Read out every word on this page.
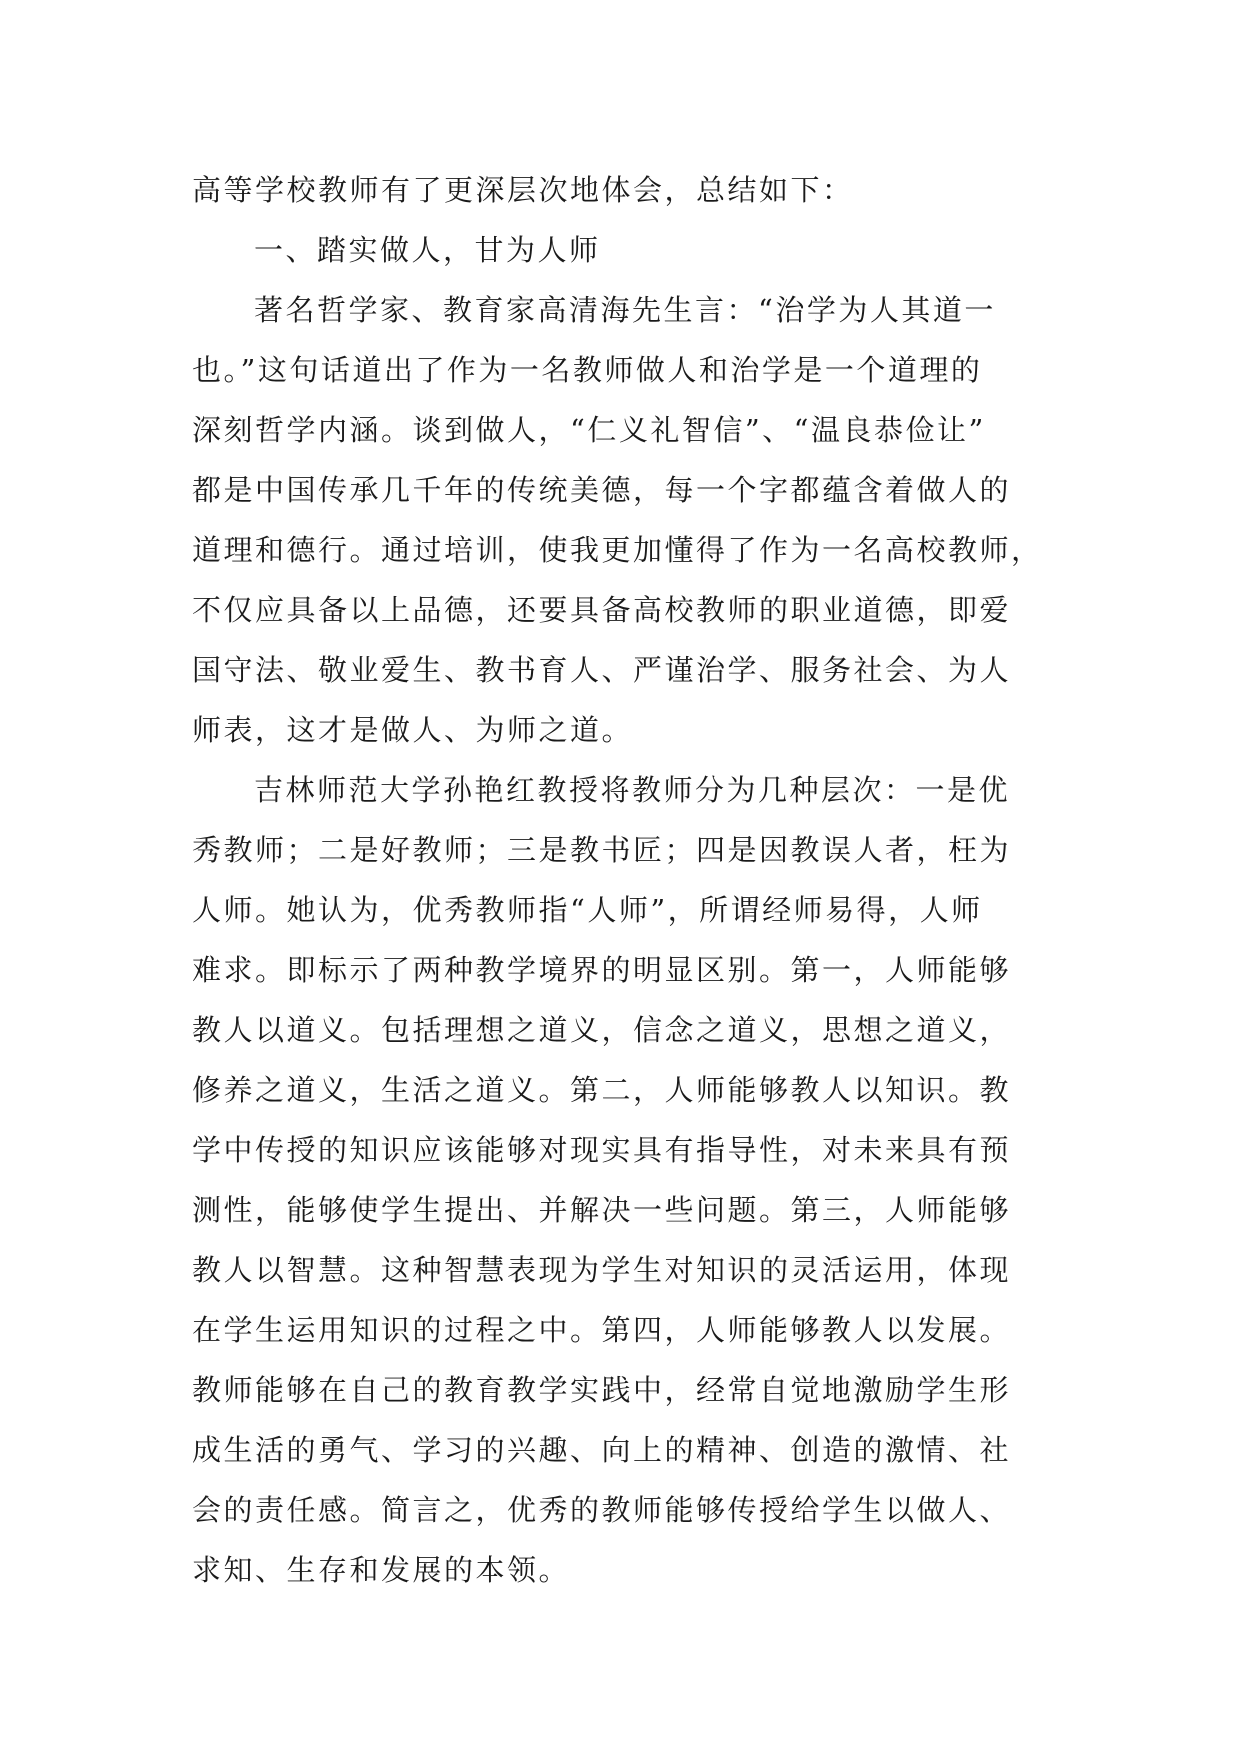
高等学校教师有了更深层次地体会，总结如下：
一、踏实做人，甘为人师
著名哲学家、教育家高清海先生言：“治学为人其道一
也。”这句话道出了作为一名教师做人和治学是一个道理的
深刻哲学内涵。谈到做人，“仁义礼智信”、“温良恭俭让”
都是中国传承几千年的传统美德，每一个字都蕴含着做人的
道理和德行。通过培训，使我更加懂得了作为一名高校教师，
不仅应具备以上品德，还要具备高校教师的职业道德，即爱
国守法、敬业爱生、教书育人、严谨治学、服务社会、为人
师表，这才是做人、为师之道。
吉林师范大学孙艳红教授将教师分为几种层次：一是优
秀教师；二是好教师；三是教书匠；四是因教误人者，枉为
人师。她认为，优秀教师指“人师”，所谓经师易得，人师
难求。即标示了两种教学境界的明显区别。第一，人师能够
教人以道义。包括理想之道义，信念之道义，思想之道义，
修养之道义，生活之道义。第二，人师能够教人以知识。教
学中传授的知识应该能够对现实具有指导性，对未来具有预
测性，能够使学生提出、并解决一些问题。第三，人师能够
教人以智慧。这种智慧表现为学生对知识的灵活运用，体现
在学生运用知识的过程之中。第四，人师能够教人以发展。
教师能够在自己的教育教学实践中，经常自觉地激励学生形
成生活的勇气、学习的兴趣、向上的精神、创造的激情、社
会的责任感。简言之，优秀的教师能够传授给学生以做人、
求知、生存和发展的本领。
